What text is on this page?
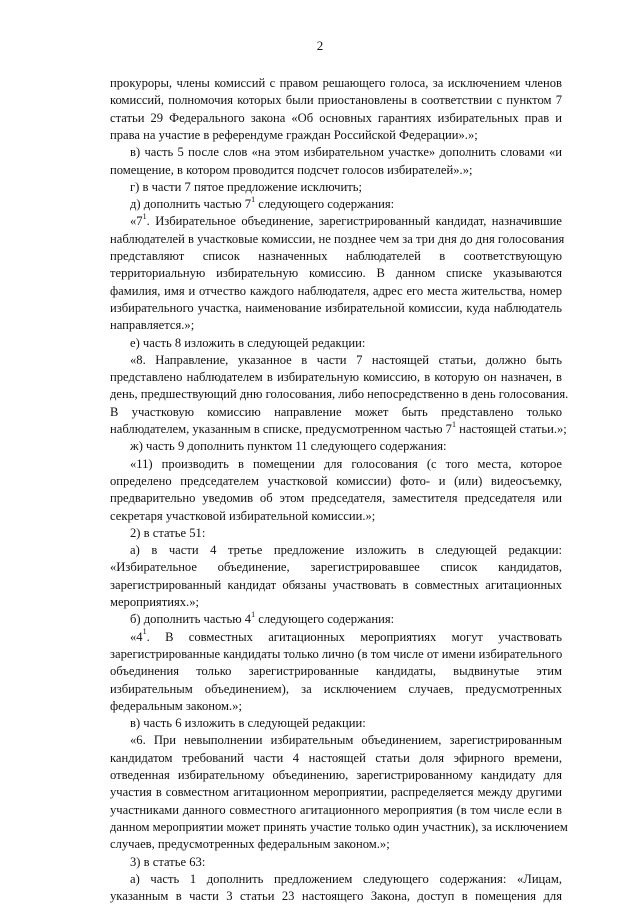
2
прокуроры, члены комиссий с правом решающего голоса, за исключением членов
комиссий, полномочия которых были приостановлены в соответствии с пунктом 7
статьи 29 Федерального закона «Об основных гарантиях избирательных прав и
права на участие в референдуме граждан Российской Федерации».»;
в) часть 5 после слов «на этом избирательном участке» дополнить словами «и
помещение, в котором проводится подсчет голосов избирателей».»;
г) в части 7 пятое предложение исключить;
д) дополнить частью $7^1$ следующего содержания:
«$7^1$. Избирательное объединение, зарегистрированный кандидат, назначившие
наблюдателей в участковые комиссии, не позднее чем за три дня до дня голосования
представляют список назначенных наблюдателей в соответствующую
территориальную избирательную комиссию. В данном списке указываются
фамилия, имя и отчество каждого наблюдателя, адрес его места жительства, номер
избирательного участка, наименование избирательной комиссии, куда наблюдатель
направляется.»;
е) часть 8 изложить в следующей редакции:
«8. Направление, указанное в части 7 настоящей статьи, должно быть
представлено наблюдателем в избирательную комиссию, в которую он назначен, в
день, предшествующий дню голосования, либо непосредственно в день голосования.
В участковую комиссию направление может быть представлено только
наблюдателем, указанным в списке, предусмотренном частью $7^1$ настоящей статьи.»;
ж) часть 9 дополнить пунктом 11 следующего содержания:
«11) производить в помещении для голосования (с того места, которое
определено председателем участковой комиссии) фото- и (или) видеосъемку,
предварительно уведомив об этом председателя, заместителя председателя или
секретаря участковой избирательной комиссии.»;
2) в статье 51:
а) в части 4 третье предложение изложить в следующей редакции:
«Избирательное объединение, зарегистрировавшее список кандидатов,
зарегистрированный кандидат обязаны участвовать в совместных агитационных
мероприятиях.»;
б) дополнить частью $4^1$ следующего содержания:
«$4^1$. В совместных агитационных мероприятиях могут участвовать
зарегистрированные кандидаты только лично (в том числе от имени избирательного
объединения только зарегистрированные кандидаты, выдвинутые этим
избирательным объединением), за исключением случаев, предусмотренных
федеральным законом.»;
в) часть 6 изложить в следующей редакции:
«6. При невыполнении избирательным объединением, зарегистрированным
кандидатом требований части 4 настоящей статьи доля эфирного времени,
отведенная избирательному объединению, зарегистрированному кандидату для
участия в совместном агитационном мероприятии, распределяется между другими
участниками данного совместного агитационного мероприятия (в том числе если в
данном мероприятии может принять участие только один участник), за исключением
случаев, предусмотренных федеральным законом.»;
3) в статье 63:
а) часть 1 дополнить предложением следующего содержания: «Лицам,
указанным в части 3 статьи 23 настоящего Закона, доступ в помещения для
